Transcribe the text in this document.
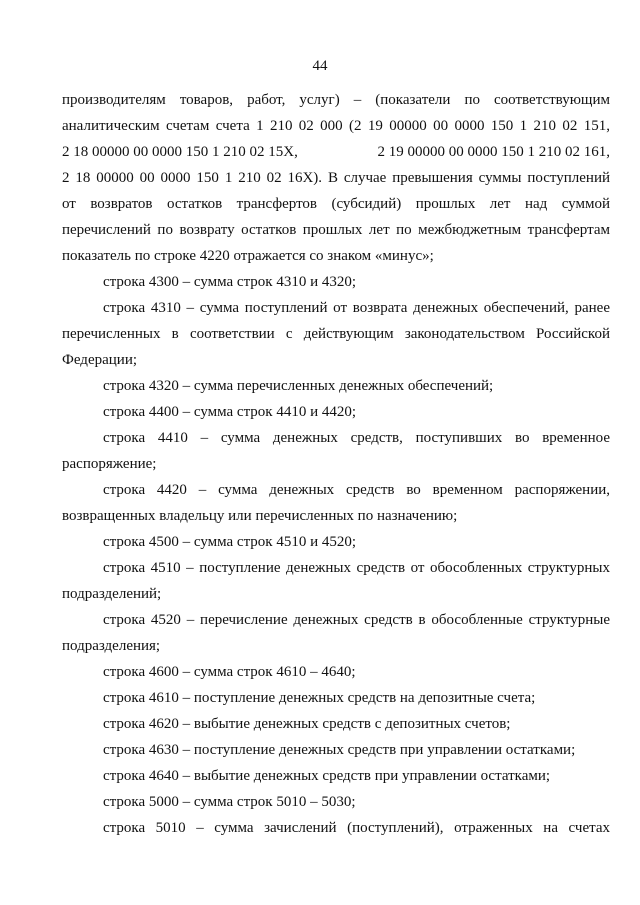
44
производителям товаров, работ, услуг) – (показатели по соответствующим
аналитическим счетам счета 1 210 02 000 (2 19 00000 00 0000 150 1 210 02 151,
2 18 00000 00 0000 150 1 210 02 15X,	2 19 00000 00 0000 150 1 210 02 161,
2 18 00000 00 0000 150 1 210 02 16X). В случае превышения суммы поступлений
от возвратов остатков трансфертов (субсидий) прошлых лет над суммой
перечислений по возврату остатков прошлых лет по межбюджетным трансфертам
показатель по строке 4220 отражается со знаком «минус»;
строка 4300 – сумма строк 4310 и 4320;
строка 4310 – сумма поступлений от возврата денежных обеспечений, ранее
перечисленных в соответствии с действующим законодательством Российской
Федерации;
строка 4320 – сумма перечисленных денежных обеспечений;
строка 4400 – сумма строк 4410 и 4420;
строка 4410 – сумма денежных средств, поступивших во временное
распоряжение;
строка 4420 – сумма денежных средств во временном распоряжении,
возвращенных владельцу или перечисленных по назначению;
строка 4500 – сумма строк 4510 и 4520;
строка 4510 – поступление денежных средств от обособленных структурных
подразделений;
строка 4520 – перечисление денежных средств в обособленные структурные
подразделения;
строка 4600 – сумма строк 4610 – 4640;
строка 4610 – поступление денежных средств на депозитные счета;
строка 4620 – выбытие денежных средств с депозитных счетов;
строка 4630 – поступление денежных средств при управлении остатками;
строка 4640 – выбытие денежных средств при управлении остатками;
строка 5000 – сумма строк 5010 – 5030;
строка 5010 – сумма зачислений (поступлений), отраженных на счетах
